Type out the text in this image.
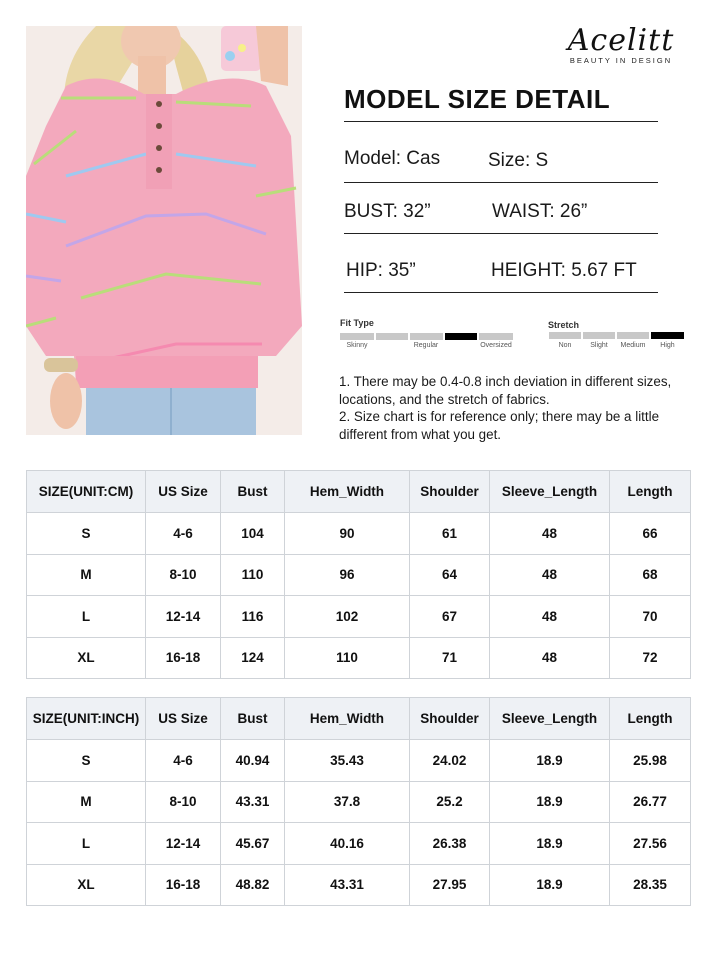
Acelitt
BEAUTY IN DESIGN
MODEL SIZE DETAIL
Model: Cas	Size: S
BUST: 32”	WAIST: 26”
HIP: 35”	HEIGHT: 5.67 FT
Fit Type
Skinny	Regular	Oversized
Stretch
Non	Slight	Medium	High
1. There may be 0.4-0.8 inch deviation in different sizes, locations, and the stretch of fabrics.
2. Size chart is for reference only; there may be a little different from what you get.
SIZE(UNIT:CM)	US Size	Bust	Hem_Width	Shoulder	Sleeve_Length	Length
S	4-6	104	90	61	48	66
M	8-10	110	96	64	48	68
L	12-14	116	102	67	48	70
XL	16-18	124	110	71	48	72
SIZE(UNIT:INCH)	US Size	Bust	Hem_Width	Shoulder	Sleeve_Length	Length
S	4-6	40.94	35.43	24.02	18.9	25.98
M	8-10	43.31	37.8	25.2	18.9	26.77
L	12-14	45.67	40.16	26.38	18.9	27.56
XL	16-18	48.82	43.31	27.95	18.9	28.35
